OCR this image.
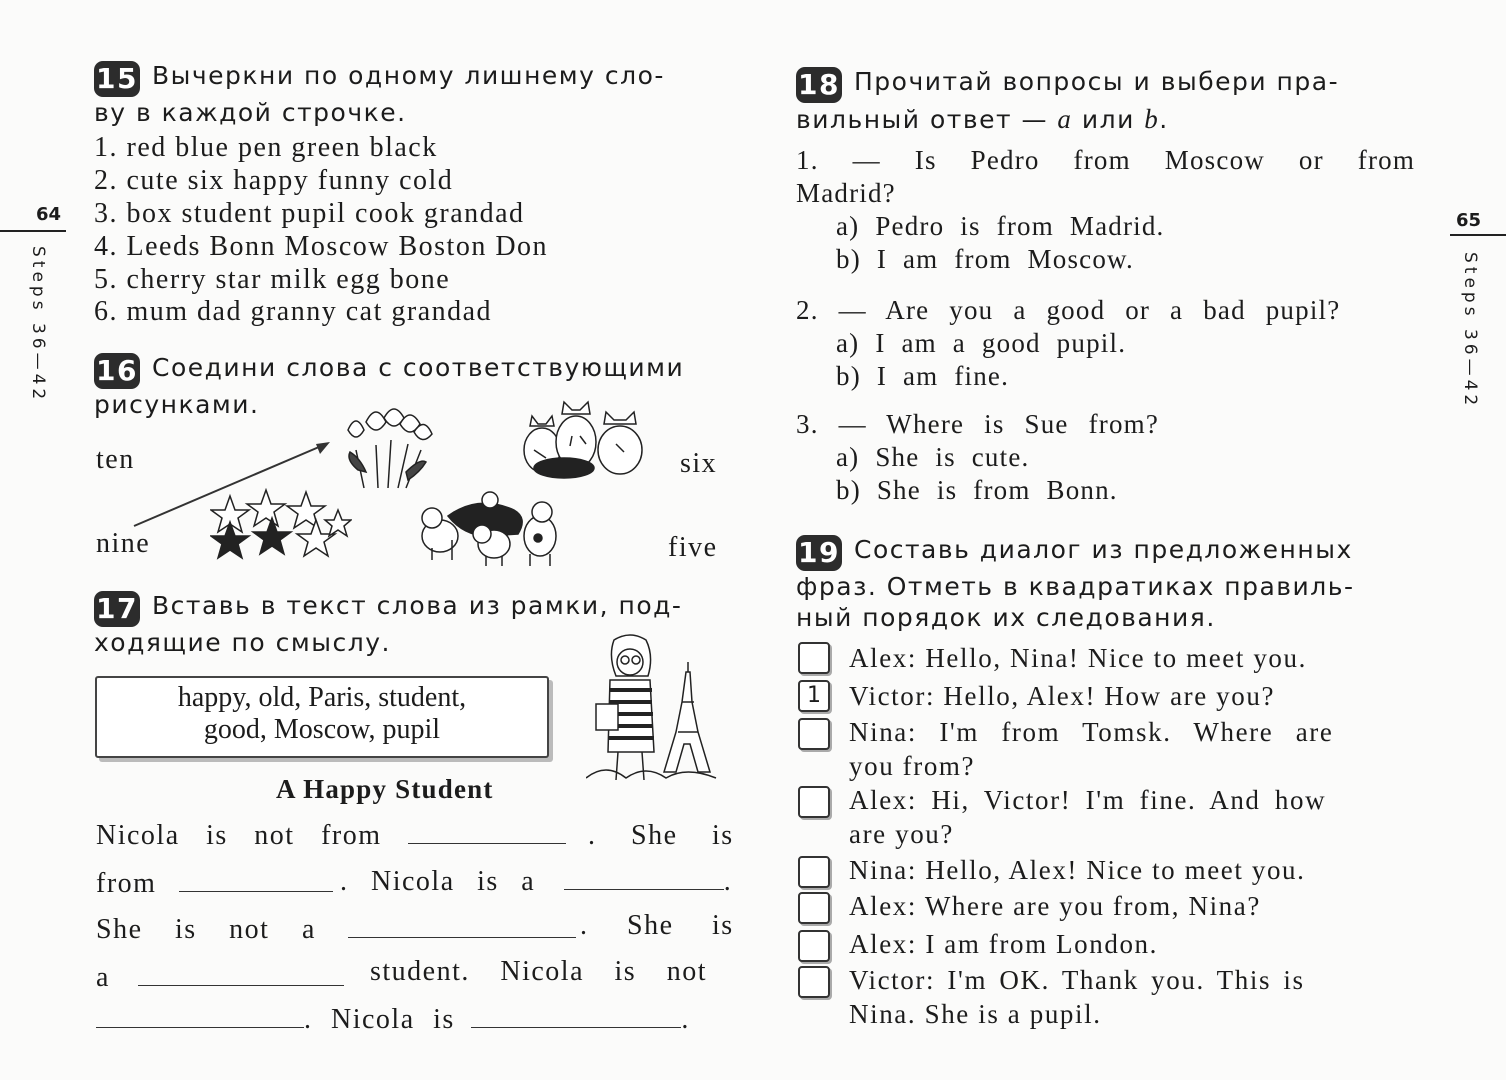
64
Steps 36—42
15 Вычеркни по одному лишнему сло-
ву в каждой строчке.
1. red blue pen green black
2. cute six happy funny cold
3. box student pupil cook grandad
4. Leeds Bonn Moscow Boston Don
5. cherry star milk egg bone
6. mum dad granny cat grandad
16 Соедини слова с соответствующими
рисунками.
ten
nine
six
five
17 Вставь в текст слова из рамки, под-
ходящие по смыслу.
happy, old, Paris, student,
good, Moscow, pupil
A Happy Student
Nicola is not from	. She is
from	. Nicola is a	.
She is not a	. She is
a	student. Nicola is not
. Nicola is	.
65
Steps 36—42
18 Прочитай вопросы и выбери пра-
вильный ответ — a или b.
1. — Is Pedro from Moscow or from
Madrid?
a) Pedro is from Madrid.
b) I am from Moscow.
2. — Are you a good or a bad pupil?
a) I am a good pupil.
b) I am fine.
3. — Where is Sue from?
a) She is cute.
b) She is from Bonn.
19 Составь диалог из предложенных
фраз. Отметь в квадратиках правиль-
ный порядок их следования.
Alex: Hello, Nina! Nice to meet you.
1	Victor: Hello, Alex! How are you?
Nina: I'm from Tomsk. Where are
you from?
Alex: Hi, Victor! I'm fine. And how
are you?
Nina: Hello, Alex! Nice to meet you.
Alex: Where are you from, Nina?
Alex: I am from London.
Victor: I'm OK. Thank you. This is
Nina. She is a pupil.
